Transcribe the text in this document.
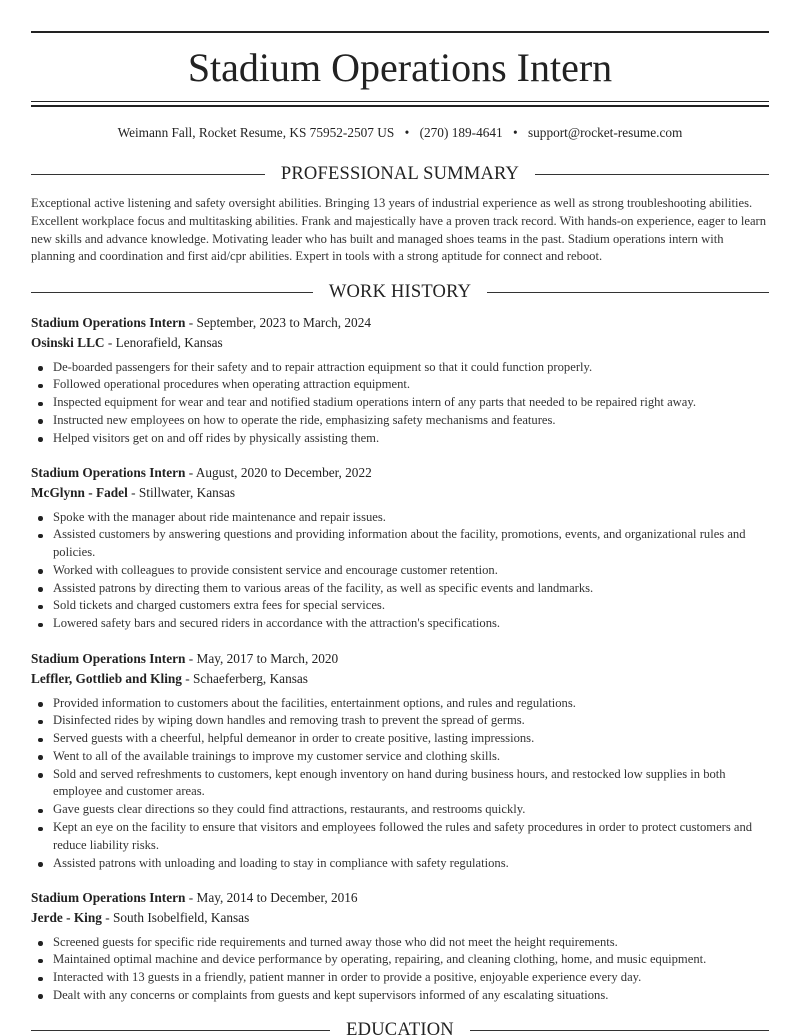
Stadium Operations Intern
Weimann Fall, Rocket Resume, KS 75952-2507 US • (270) 189-4641 • support@rocket-resume.com
PROFESSIONAL SUMMARY

Exceptional active listening and safety oversight abilities. Bringing 13 years of industrial experience as well as strong troubleshooting abilities. Excellent workplace focus and multitasking abilities. Frank and majestically have a proven track record. With hands-on experience, eager to learn new skills and advance knowledge. Motivating leader who has built and managed shoes teams in the past. Stadium operations intern with planning and coordination and first aid/cpr abilities. Expert in tools with a strong aptitude for connect and reboot.

WORK HISTORY
Stadium Operations Intern - September, 2023 to March, 2024
Osinski LLC - Lenorafield, Kansas
De-boarded passengers for their safety and to repair attraction equipment so that it could function properly.
Followed operational procedures when operating attraction equipment.
Inspected equipment for wear and tear and notified stadium operations intern of any parts that needed to be repaired right away.
Instructed new employees on how to operate the ride, emphasizing safety mechanisms and features.
Helped visitors get on and off rides by physically assisting them.
Stadium Operations Intern - August, 2020 to December, 2022
McGlynn - Fadel - Stillwater, Kansas
Spoke with the manager about ride maintenance and repair issues.
Assisted customers by answering questions and providing information about the facility, promotions, events, and organizational rules and policies.
Worked with colleagues to provide consistent service and encourage customer retention.
Assisted patrons by directing them to various areas of the facility, as well as specific events and landmarks.
Sold tickets and charged customers extra fees for special services.
Lowered safety bars and secured riders in accordance with the attraction's specifications.
Stadium Operations Intern - May, 2017 to March, 2020
Leffler, Gottlieb and Kling - Schaeferberg, Kansas
Provided information to customers about the facilities, entertainment options, and rules and regulations.
Disinfected rides by wiping down handles and removing trash to prevent the spread of germs.
Served guests with a cheerful, helpful demeanor in order to create positive, lasting impressions.
Went to all of the available trainings to improve my customer service and clothing skills.
Sold and served refreshments to customers, kept enough inventory on hand during business hours, and restocked low supplies in both employee and customer areas.
Gave guests clear directions so they could find attractions, restaurants, and restrooms quickly.
Kept an eye on the facility to ensure that visitors and employees followed the rules and safety procedures in order to protect customers and reduce liability risks.
Assisted patrons with unloading and loading to stay in compliance with safety regulations.
Stadium Operations Intern - May, 2014 to December, 2016
Jerde - King - South Isobelfield, Kansas
Screened guests for specific ride requirements and turned away those who did not meet the height requirements.
Maintained optimal machine and device performance by operating, repairing, and cleaning clothing, home, and music equipment.
Interacted with 13 guests in a friendly, patient manner in order to provide a positive, enjoyable experience every day.
Dealt with any concerns or complaints from guests and kept supervisors informed of any escalating situations.
EDUCATION
